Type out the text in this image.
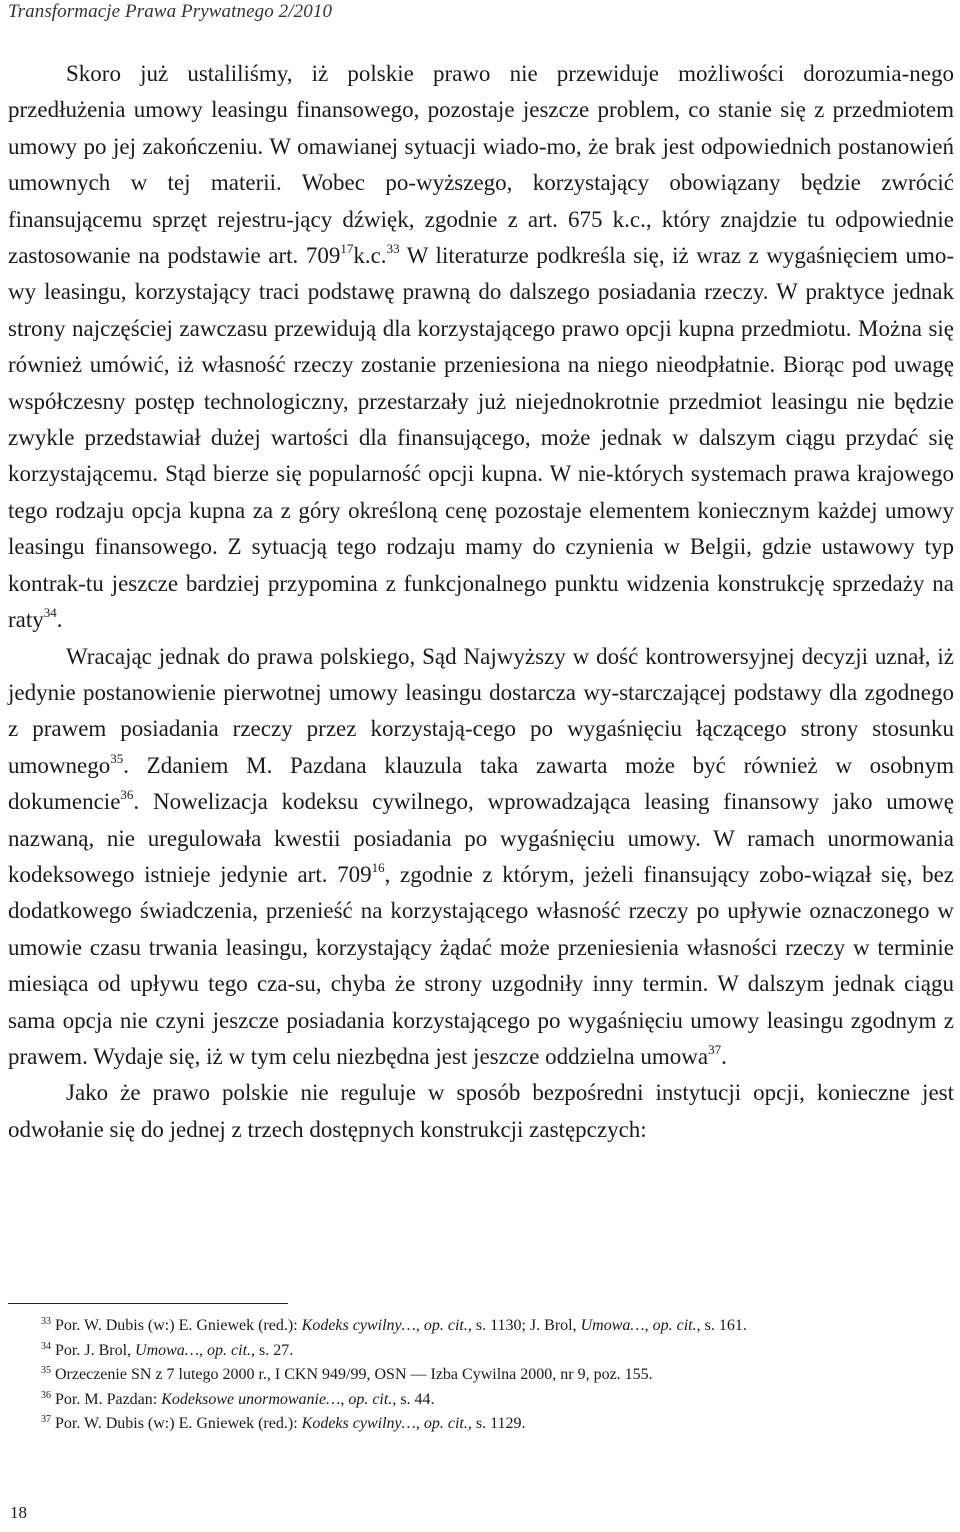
Transformacje Prawa Prywatnego 2/2010

Skoro już ustaliliśmy, iż polskie prawo nie przewiduje możliwości dorozumia-nego przedłużenia umowy leasingu finansowego, pozostaje jeszcze problem, co stanie się z przedmiotem umowy po jej zakończeniu. W omawianej sytuacji wiado-mo, że brak jest odpowiednich postanowień umownych w tej materii. Wobec po-wyższego, korzystający obowiązany będzie zwrócić finansującemu sprzęt rejestru-jący dźwięk, zgodnie z art. 675 k.c., który znajdzie tu odpowiednie zastosowanie na podstawie art. $709^{17}k.c.^{33}$ W literaturze podkreśla się, iż wraz z wygaśnięciem umo-wy leasingu, korzystający traci podstawę prawną do dalszego posiadania rzeczy. W praktyce jednak strony najczęściej zawczasu przewidują dla korzystającego prawo opcji kupna przedmiotu. Można się również umówić, iż własność rzeczy zostanie przeniesiona na niego nieodpłatnie. Biorąc pod uwagę współczesny postęp technologiczny, przestarzały już niejednokrotnie przedmiot leasingu nie będzie zwykle przedstawiał dużej wartości dla finansującego, może jednak w dalszym ciągu przydać się korzystającemu. Stąd bierze się popularność opcji kupna. W nie-których systemach prawa krajowego tego rodzaju opcja kupna za z góry określoną cenę pozostaje elementem koniecznym każdej umowy leasingu finansowego. Z sytuacją tego rodzaju mamy do czynienia w Belgii, gdzie ustawowy typ kontrak-tu jeszcze bardziej przypomina z funkcjonalnego punktu widzenia konstrukcję sprzedaży na raty$^{34}$.

Wracając jednak do prawa polskiego, Sąd Najwyższy w dość kontrowersyjnej decyzji uznał, iż jedynie postanowienie pierwotnej umowy leasingu dostarcza wy-starczającej podstawy dla zgodnego z prawem posiadania rzeczy przez korzystają-cego po wygaśnięciu łączącego strony stosunku umownego$^{35}$. Zdaniem M. Pazdana klauzula taka zawarta może być również w osobnym dokumencie$^{36}$. Nowelizacja kodeksu cywilnego, wprowadzająca leasing finansowy jako umowę nazwaną, nie uregulowała kwestii posiadania po wygaśnięciu umowy. W ramach unormowania kodeksowego istnieje jedynie art. $709^{16}$, zgodnie z którym, jeżeli finansujący zobo-wiązał się, bez dodatkowego świadczenia, przenieść na korzystającego własność rzeczy po upływie oznaczonego w umowie czasu trwania leasingu, korzystający żądać może przeniesienia własności rzeczy w terminie miesiąca od upływu tego cza-su, chyba że strony uzgodniły inny termin. W dalszym jednak ciągu sama opcja nie czyni jeszcze posiadania korzystającego po wygaśnięciu umowy leasingu zgodnym z prawem. Wydaje się, iż w tym celu niezbędna jest jeszcze oddzielna umowa$^{37}$.

Jako że prawo polskie nie reguluje w sposób bezpośredni instytucji opcji, konieczne jest odwołanie się do jednej z trzech dostępnych konstrukcji zastępczych:

$^{33}$ Por. W. Dubis (w:) E. Gniewek (red.): Kodeks cywilny…, op. cit., s. 1130; J. Brol, Umowa…, op. cit., s. 161.

$^{34}$ Por. J. Brol, Umowa…, op. cit., s. 27.

$^{35}$ Orzeczenie SN z 7 lutego 2000 r., I CKN 949/99, OSN — Izba Cywilna 2000, nr 9, poz. 155.

$^{36}$ Por. M. Pazdan: Kodeksowe unormowanie…, op. cit., s. 44.

$^{37}$ Por. W. Dubis (w:) E. Gniewek (red.): Kodeks cywilny…, op. cit., s. 1129.

18
